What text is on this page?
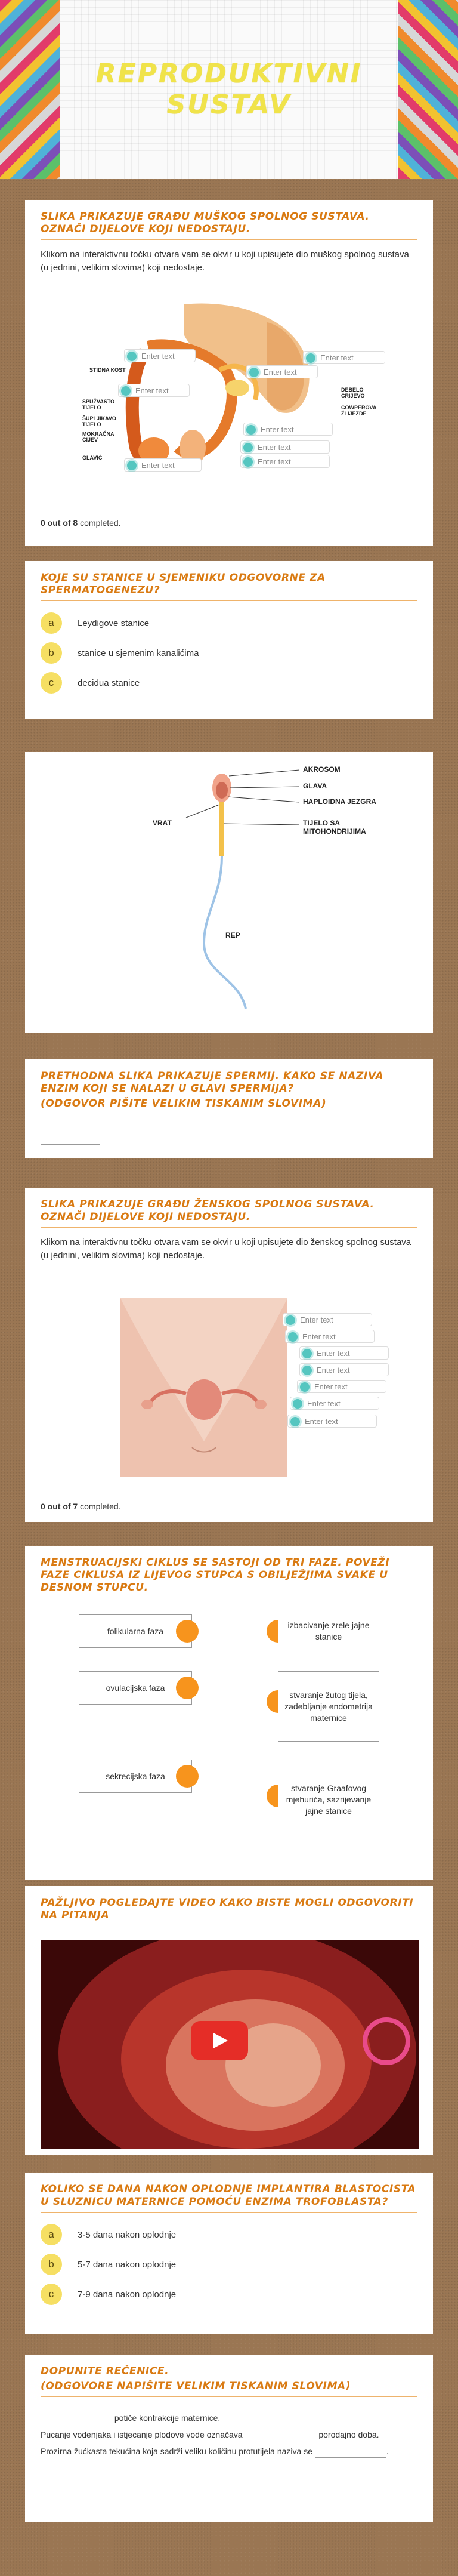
REPRODUKTIVNI SUSTAV
SLIKA PRIKAZUJE GRAĐU MUŠKOG SPOLNOG SUSTAVA. OZNAČI DIJELOVE KOJI NEDOSTAJU.
Klikom na interaktivnu točku otvara vam se okvir u koji upisujete dio muškog spolnog sustava (u jednini, velikim slovima) koji nedostaje.
STIDNA KOST
SPUŽVASTO TIJELO
ŠUPLJIKAVO TIJELO
MOKRAĆNA CIJEV
GLAVIĆ
DEBELO CRIJEVO
COWPEROVA ŽLIJEZDE
Enter text
Enter text
Enter text
Enter text
Enter text
Enter text
Enter text
Enter text
0 out of 8 completed.
KOJE SU STANICE U SJEMENIKU ODGOVORNE ZA SPERMATOGENEZU?
a	Leydigove stanice
b	stanice u sjemenim kanalićima
c	decidua stanice
AKROSOM
GLAVA
HAPLOIDNA JEZGRA
TIJELO SA MITOHONDRIJIMA
VRAT
REP
PRETHODNA SLIKA PRIKAZUJE SPERMIJ. KAKO SE NAZIVA ENZIM KOJI SE NALAZI U GLAVI SPERMIJA?
(ODGOVOR PIŠITE VELIKIM TISKANIM SLOVIMA)
SLIKA PRIKAZUJE GRAĐU ŽENSKOG SPOLNOG SUSTAVA. OZNAČI DIJELOVE KOJI NEDOSTAJU.
Klikom na interaktivnu točku otvara vam se okvir u koji upisujete dio ženskog spolnog sustava (u jednini, velikim slovima) koji nedostaje.
Enter text
Enter text
Enter text
Enter text
Enter text
Enter text
Enter text
0 out of 7 completed.
MENSTRUACIJSKI CIKLUS SE SASTOJI OD TRI FAZE. POVEŽI FAZE CIKLUSA IZ LIJEVOG STUPCA S OBILJEŽJIMA SVAKE U DESNOM STUPCU.
folikularna faza
ovulacijska faza
sekrecijska faza
izbacivanje zrele jajne stanice
stvaranje žutog tijela, zadebljanje endometrija maternice
stvaranje Graafovog mjehurića, sazrijevanje jajne stanice
PAŽLJIVO POGLEDAJTE VIDEO KAKO BISTE MOGLI ODGOVORITI NA PITANJA
KOLIKO SE DANA NAKON OPLODNJE IMPLANTIRA BLASTOCISTA U SLUZNICU MATERNICE POMOĆU ENZIMA TROFOBLASTA?
a	3-5 dana nakon oplodnje
b	5-7 dana nakon oplodnje
c	7-9 dana nakon oplodnje
DOPUNITE REČENICE.
(ODGOVORE NAPIŠITE VELIKIM TISKANIM SLOVIMA)

potiče kontrakcije maternice.

Pucanje vodenjaka i istjecanje plodove vode označava	porodajno doba.

Prozirna žućkasta tekućina koja sadrži veliku količinu protutijela naziva se	.
